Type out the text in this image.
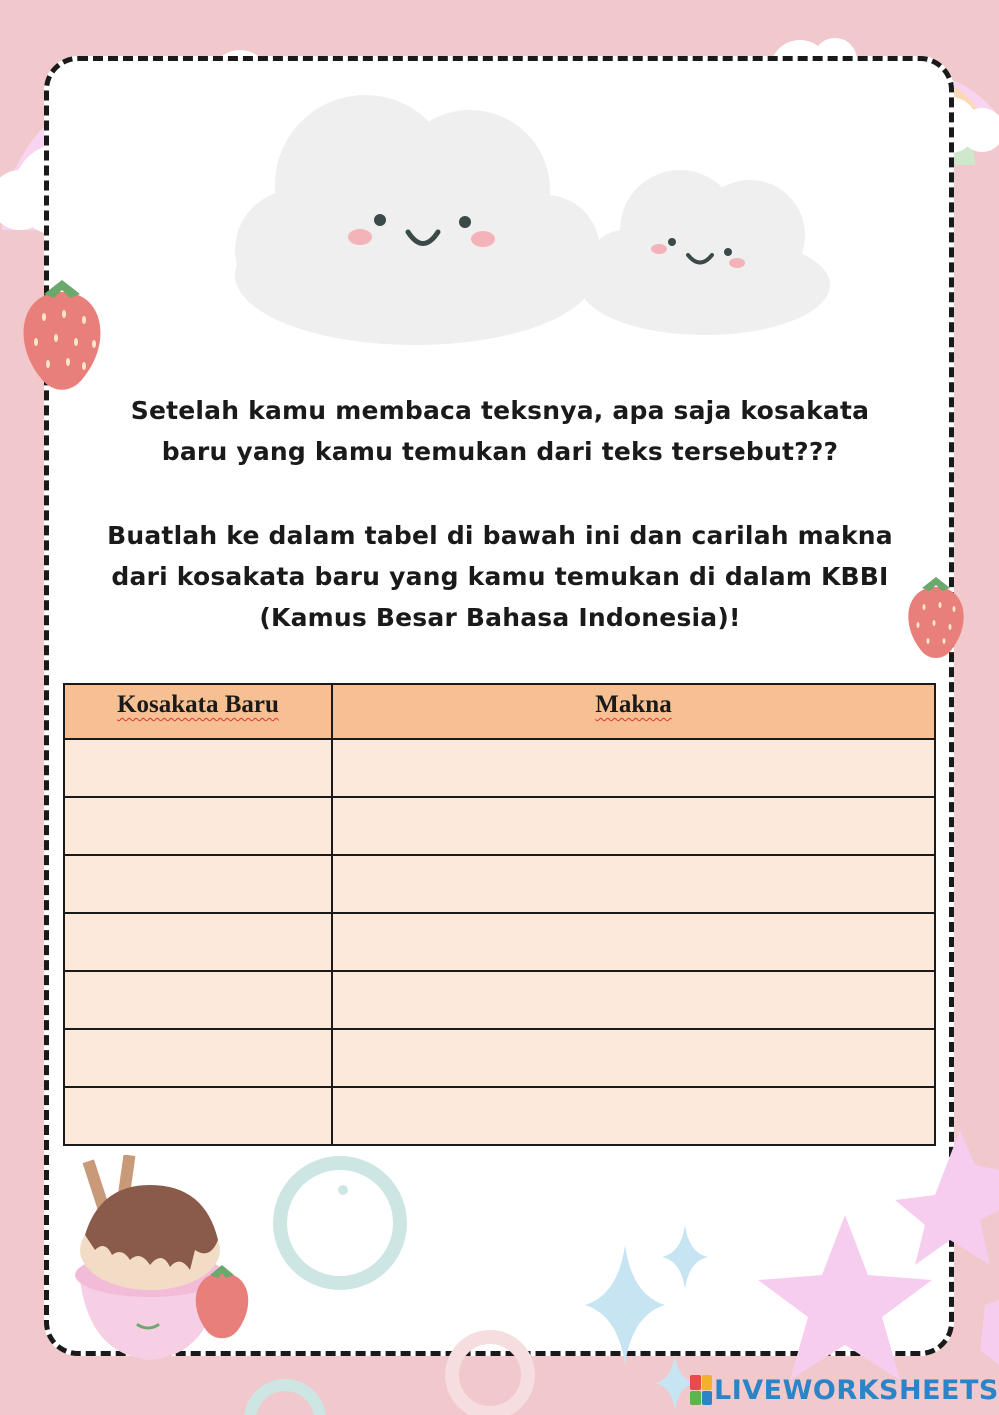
Setelah kamu membaca teksnya, apa saja kosakata baru yang kamu temukan dari teks tersebut???
Buatlah ke dalam tabel di bawah ini dan carilah makna dari kosakata baru yang kamu temukan di dalam KBBI (Kamus Besar Bahasa Indonesia)!
Kosakata Baru	Makna

LIVEWORKSHEETS
